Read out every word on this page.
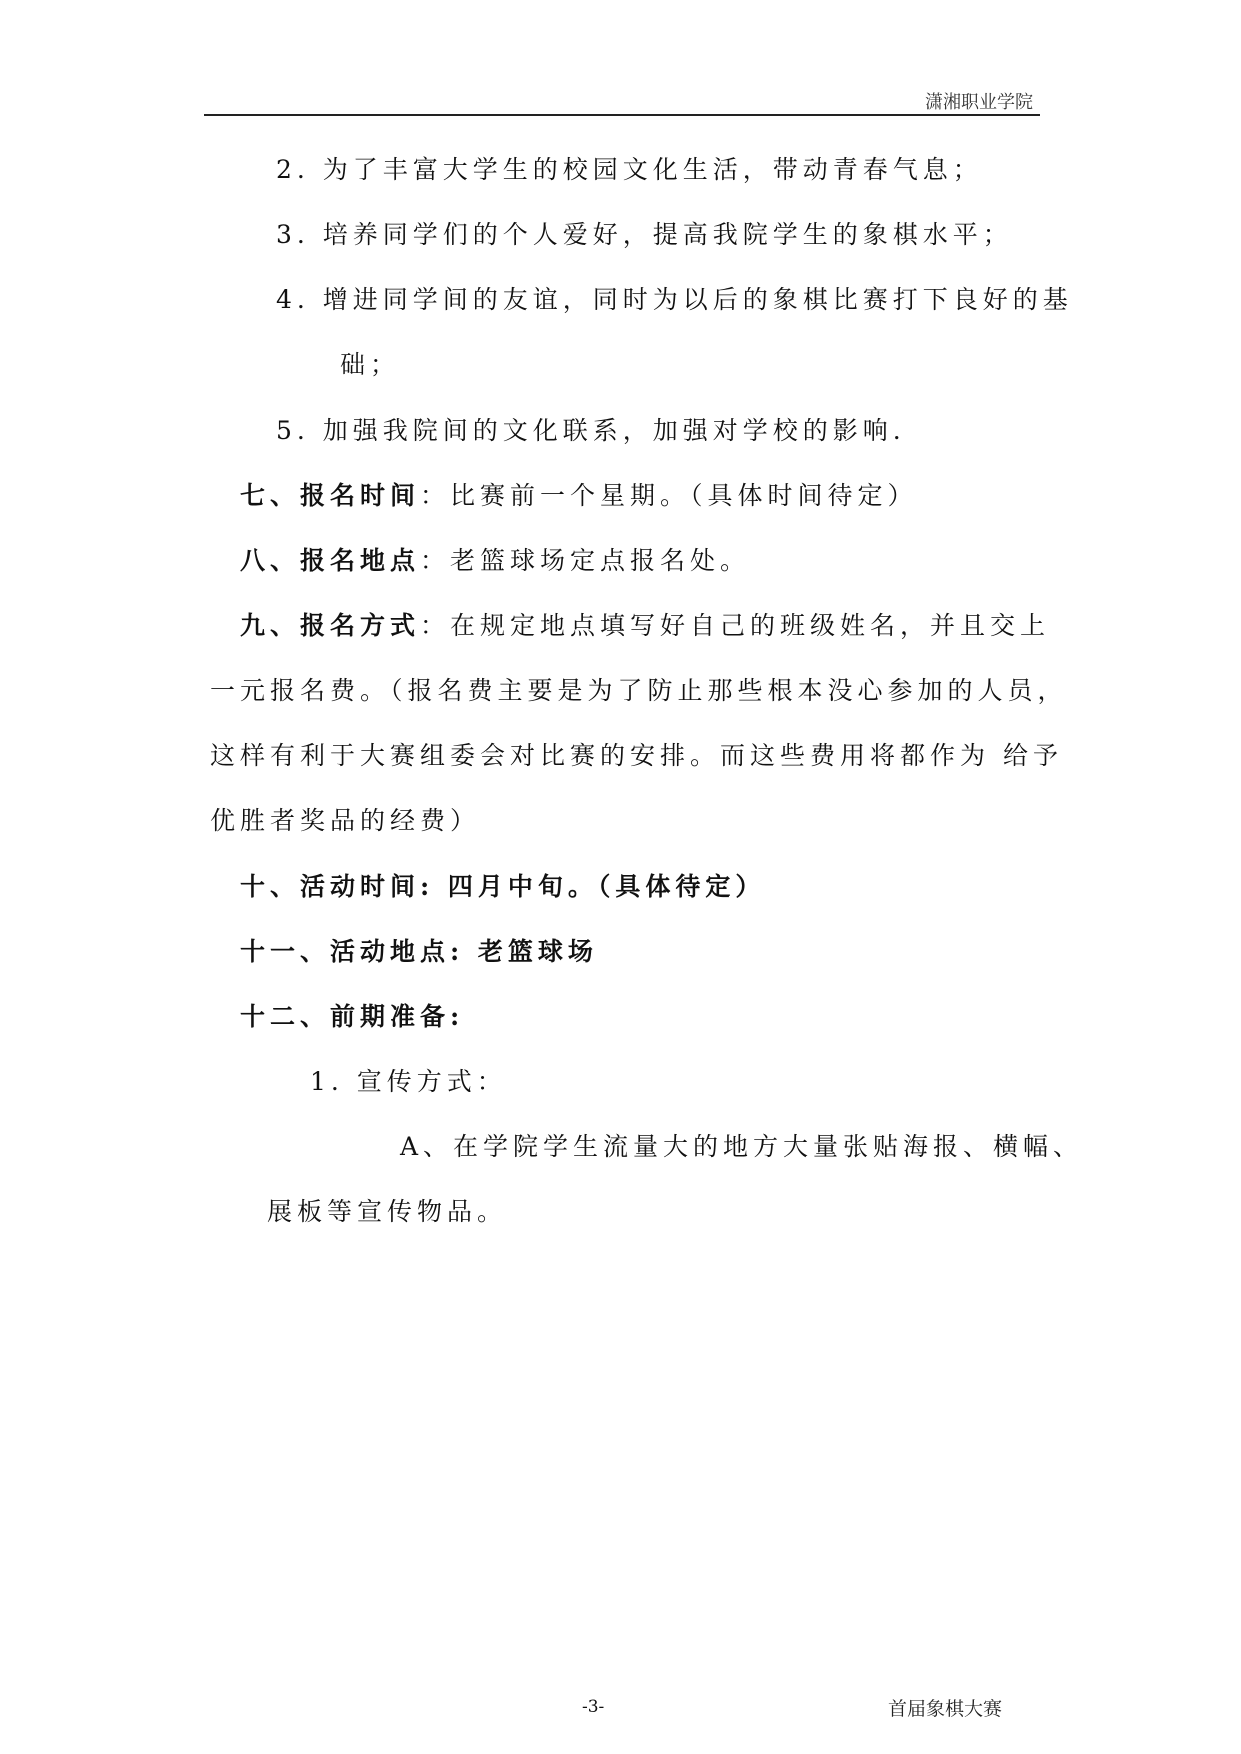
潇湘职业学院
2. 为了丰富大学生的校园文化生活，带动青春气息；
3. 培养同学们的个人爱好，提高我院学生的象棋水平；
4. 增进同学间的友谊，同时为以后的象棋比赛打下良好的基
础；
5. 加强我院间的文化联系，加强对学校的影响.
七、报名时间：比赛前一个星期。（具体时间待定）
八、报名地点：老篮球场定点报名处。
九、报名方式：在规定地点填写好自己的班级姓名，并且交上
一元报名费。（报名费主要是为了防止那些根本没心参加的人员，
这样有利于大赛组委会对比赛的安排。而这些费用将都作为 给予
优胜者奖品的经费）
十、活动时间: 四月中旬。（具体待定）
十一、活动地点: 老篮球场
十二、前期准备:
1. 宣传方式：
A、在学院学生流量大的地方大量张贴海报、横幅、
展板等宣传物品。
-3-	首届象棋大赛
